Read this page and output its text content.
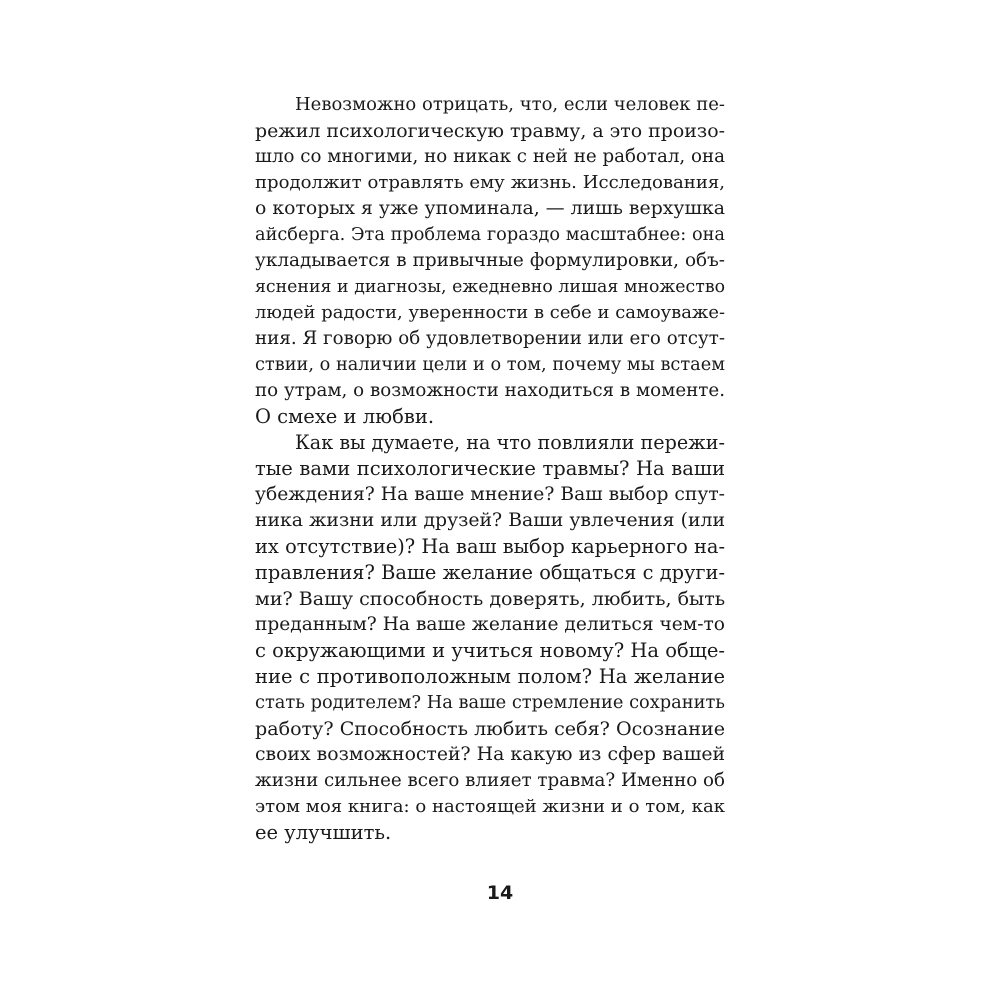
Невозможно отрицать, что, если человек пе-
режил психологическую травму, а это произо-
шло со многими, но никак с ней не работал, она
продолжит отравлять ему жизнь. Исследования,
о которых я уже упоминала, — лишь верхушка
айсберга. Эта проблема гораздо масштабнее: она
укладывается в привычные формулировки, объ-
яснения и диагнозы, ежедневно лишая множество
людей радости, уверенности в себе и самоуваже-
ния. Я говорю об удовлетворении или его отсут-
ствии, о наличии цели и о том, почему мы встаем
по утрам, о возможности находиться в моменте.
О смехе и любви.
Как вы думаете, на что повлияли пережи-
тые вами психологические травмы? На ваши
убеждения? На ваше мнение? Ваш выбор спут-
ника жизни или друзей? Ваши увлечения (или
их отсутствие)? На ваш выбор карьерного на-
правления? Ваше желание общаться с други-
ми? Вашу способность доверять, любить, быть
преданным? На ваше желание делиться чем-то
с окружающими и учиться новому? На обще-
ние с противоположным полом? На желание
стать родителем? На ваше стремление сохранить
работу? Способность любить себя? Осознание
своих возможностей? На какую из сфер вашей
жизни сильнее всего влияет травма? Именно об
этом моя книга: о настоящей жизни и о том, как
ее улучшить.
14
